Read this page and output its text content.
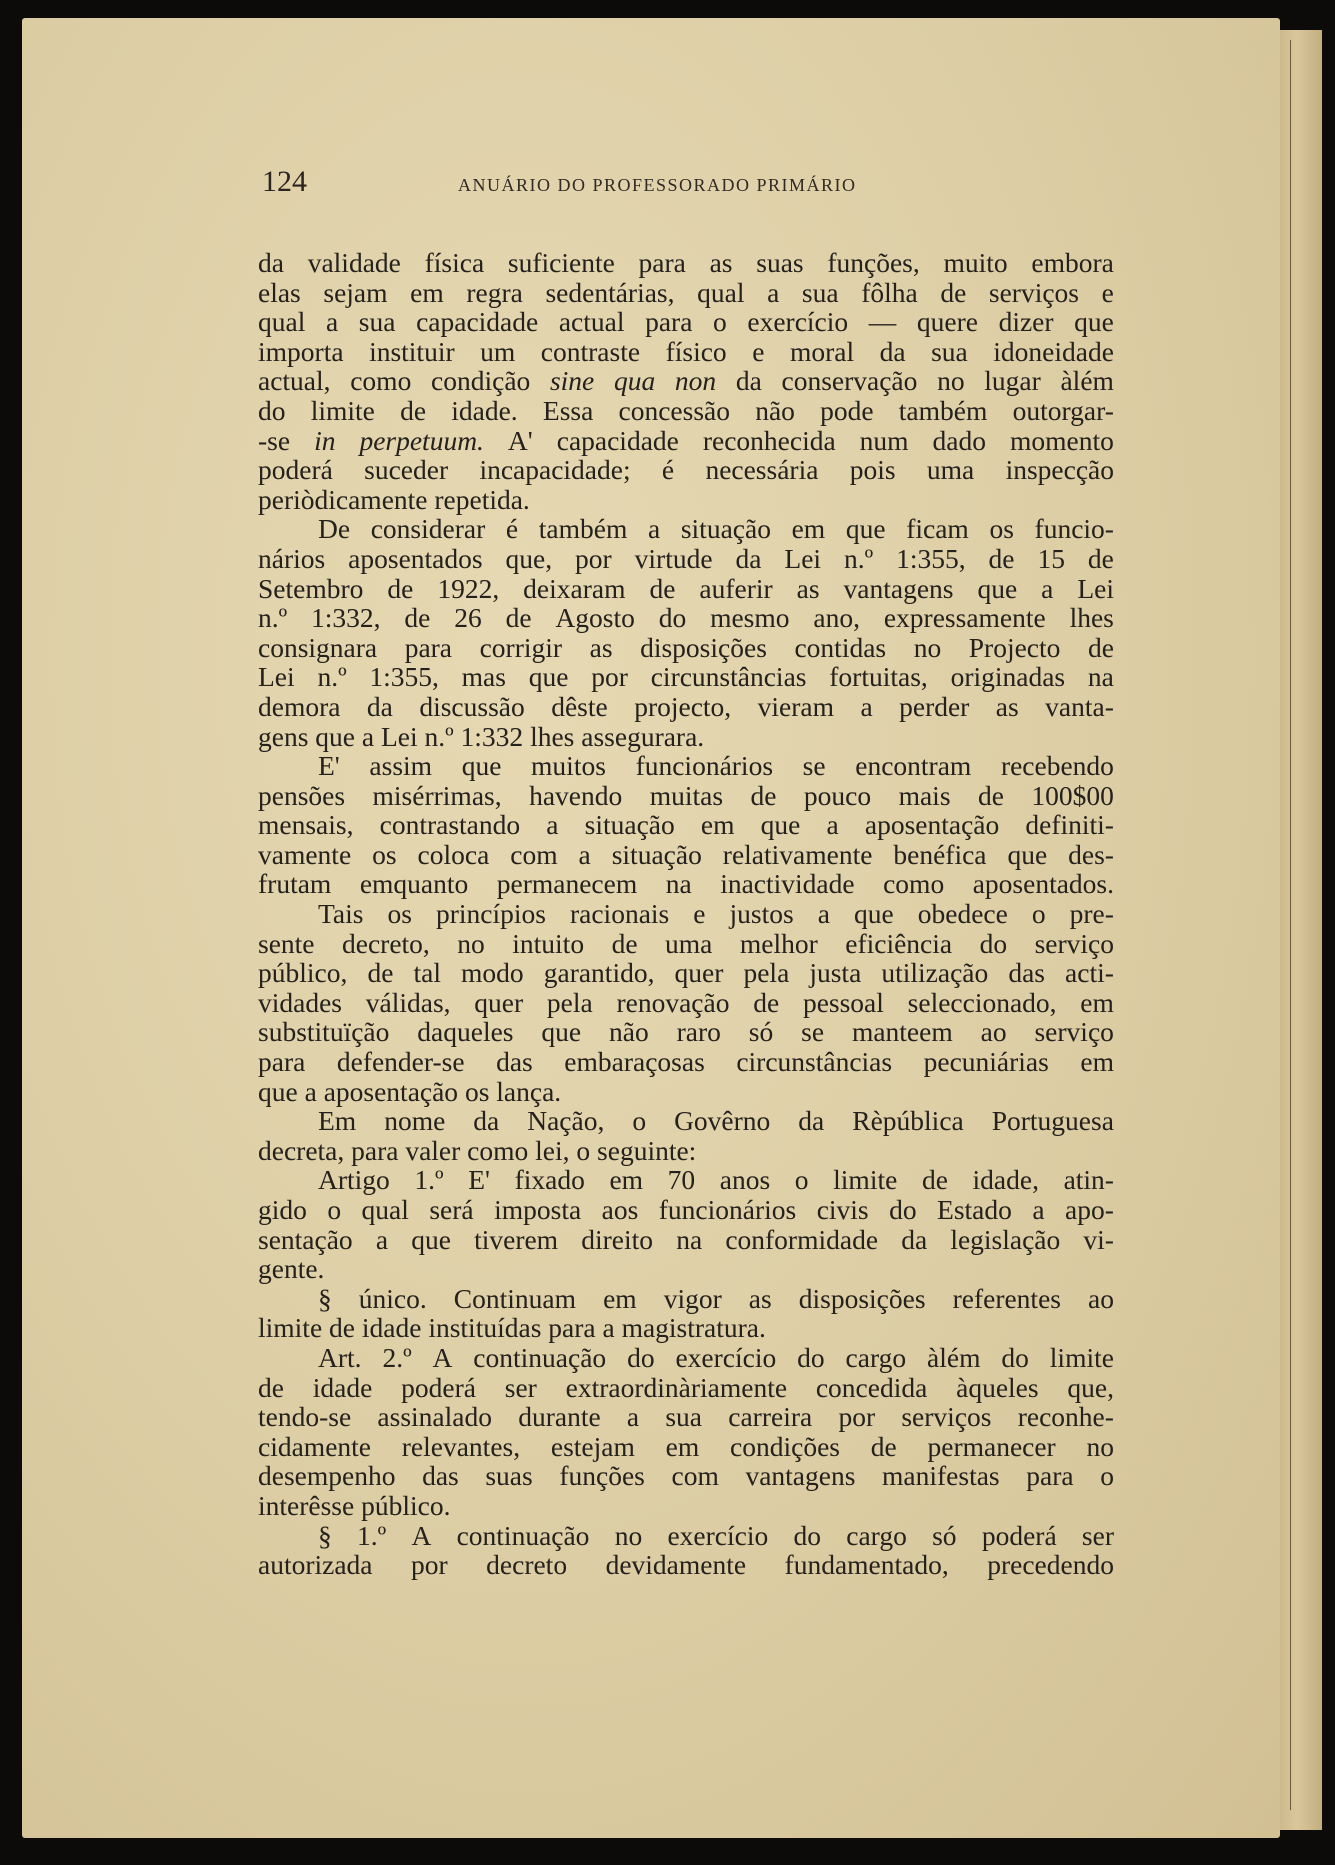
124	ANUÁRIO DO PROFESSORADO PRIMÁRIO
da validade física suficiente para as suas funções, muito embora
elas sejam em regra sedentárias, qual a sua fôlha de serviços e
qual a sua capacidade actual para o exercício — quere dizer que
importa instituir um contraste físico e moral da sua idoneidade
actual, como condição sine qua non da conservação no lugar àlém
do limite de idade. Essa concessão não pode também outorgar-
-se in perpetuum. A' capacidade reconhecida num dado momento
poderá suceder incapacidade; é necessária pois uma inspecção
periòdicamente repetida.
De considerar é também a situação em que ficam os funcio-
nários aposentados que, por virtude da Lei n.º 1:355, de 15 de
Setembro de 1922, deixaram de auferir as vantagens que a Lei
n.º 1:332, de 26 de Agosto do mesmo ano, expressamente lhes
consignara para corrigir as disposições contidas no Projecto de
Lei n.º 1:355, mas que por circunstâncias fortuitas, originadas na
demora da discussão dêste projecto, vieram a perder as vanta-
gens que a Lei n.º 1:332 lhes assegurara.
E' assim que muitos funcionários se encontram recebendo
pensões misérrimas, havendo muitas de pouco mais de 100$00
mensais, contrastando a situação em que a aposentação definiti-
vamente os coloca com a situação relativamente benéfica que des-
frutam emquanto permanecem na inactividade como aposentados.
Tais os princípios racionais e justos a que obedece o pre-
sente decreto, no intuito de uma melhor eficiência do serviço
público, de tal modo garantido, quer pela justa utilização das acti-
vidades válidas, quer pela renovação de pessoal seleccionado, em
substituïção daqueles que não raro só se manteem ao serviço
para defender-se das embaraçosas circunstâncias pecuniárias em
que a aposentação os lança.
Em nome da Nação, o Govêrno da Rèpública Portuguesa
decreta, para valer como lei, o seguinte:
Artigo 1.º E' fixado em 70 anos o limite de idade, atin-
gido o qual será imposta aos funcionários civis do Estado a apo-
sentação a que tiverem direito na conformidade da legislação vi-
gente.
§ único. Continuam em vigor as disposições referentes ao
limite de idade instituídas para a magistratura.
Art. 2.º A continuação do exercício do cargo àlém do limite
de idade poderá ser extraordinàriamente concedida àqueles que,
tendo-se assinalado durante a sua carreira por serviços reconhe-
cidamente relevantes, estejam em condições de permanecer no
desempenho das suas funções com vantagens manifestas para o
interêsse público.
§ 1.º A continuação no exercício do cargo só poderá ser
autorizada por decreto devidamente fundamentado, precedendo
